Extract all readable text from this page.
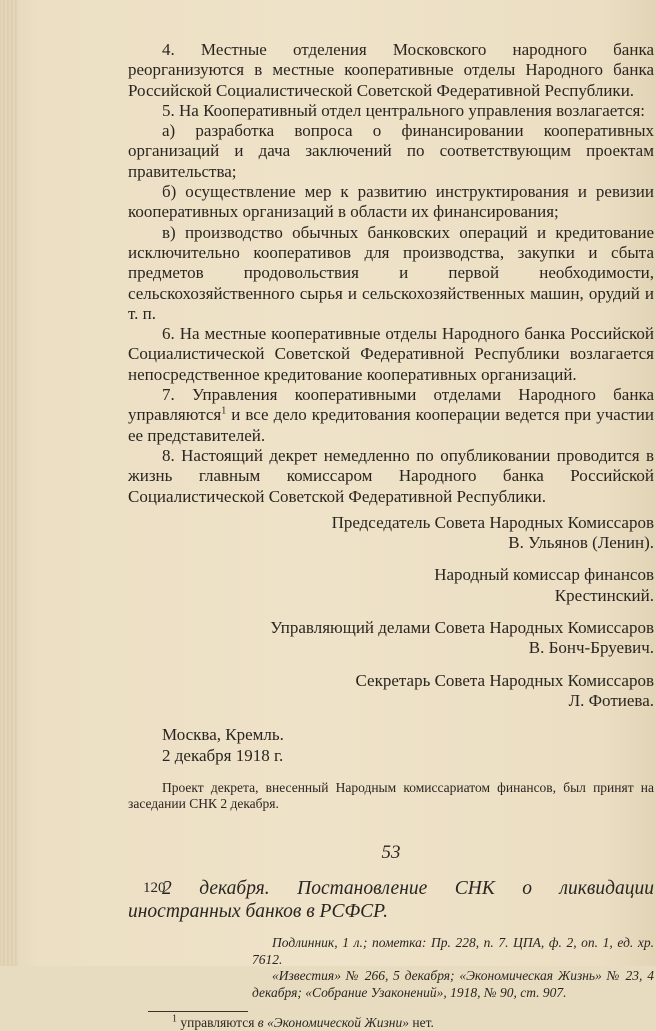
4. Местные отделения Московского народного банка реорганизуются в местные кооперативные отделы Народного банка Российской Социалистической Советской Федеративной Республики.

5. На Кооперативный отдел центрального управления возлагается:

а) разработка вопроса о финансировании кооперативных организаций и дача заключений по соответствующим проектам правительства;

б) осуществление мер к развитию инструктирования и ревизии кооперативных организаций в области их финансирования;

в) производство обычных банковских операций и кредитование исключительно кооперативов для производства, закупки и сбыта предметов продовольствия и первой необходимости, сельскохозяйственного сырья и сельскохозяйственных машин, орудий и т. п.

6. На местные кооперативные отделы Народного банка Российской Социалистической Советской Федеративной Республики возлагается непосредственное кредитование кооперативных организаций.

7. Управления кооперативными отделами Народного банка управляются$^1$ и все дело кредитования кооперации ведется при участии ее представителей.

8. Настоящий декрет немедленно по опубликовании проводится в жизнь главным комиссаром Народного банка Российской Социалистической Советской Федеративной Республики.

Председатель Совета Народных Комиссаров
В. Ульянов (Ленин).
Народный комиссар финансов
Крестинский.
Управляющий делами Совета Народных Комиссаров
В. Бонч-Бруевич.
Секретарь Совета Народных Комиссаров
Л. Фотиева.
Москва, Кремль.
2 декабря 1918 г.

Проект декрета, внесенный Народным комиссариатом финансов, был принят на заседании СНК 2 декабря.

53

2 декабря. Постановление СНК о ликвидации иностранных банков в РСФСР.

Подлинник, 1 л.; пометка: Пр. 228, п. 7. ЦПА, ф. 2, оп. 1, ед. хр. 7612.

«Известия» № 266, 5 декабря; «Экономическая Жизнь» № 23, 4 декабря; «Собрание Узаконений», 1918, № 90, ст. 907.

$^1$ управляются в «Экономической Жизни» нет.
120
